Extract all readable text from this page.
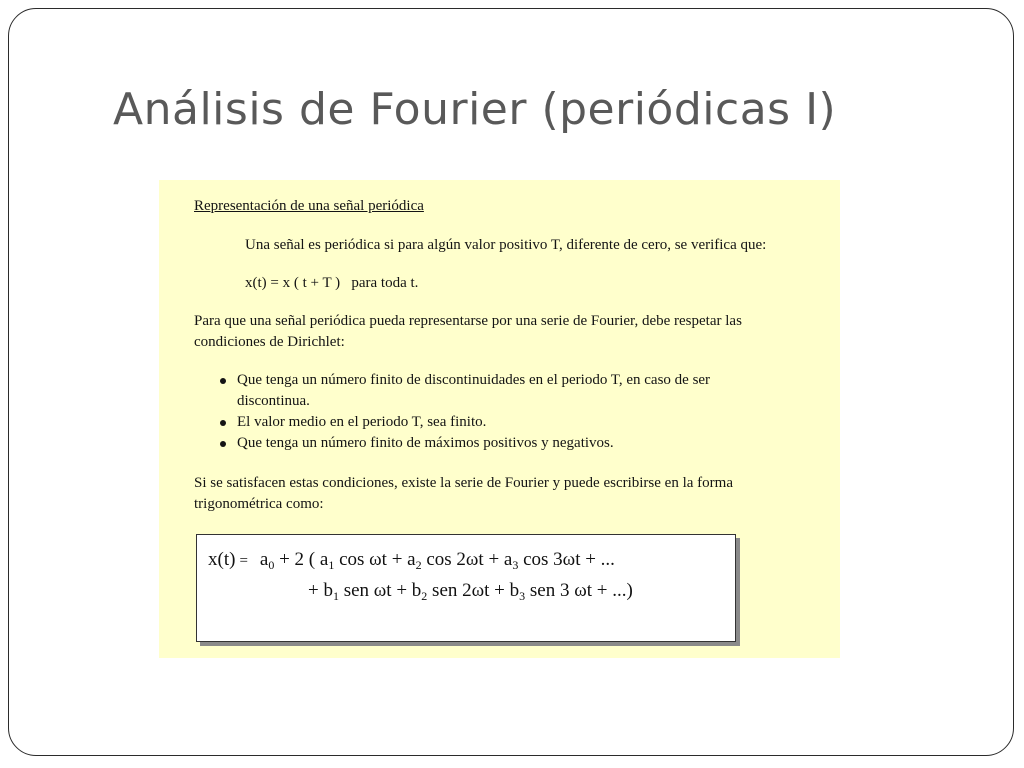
Análisis de Fourier (periódicas I)

Representación de una señal periódica

Una señal es periódica si para algún valor positivo T, diferente de cero, se verifica que:

x(t) = x ( t + T )   para toda t.

Para que una señal periódica pueda representarse por una serie de Fourier, debe respetar las

condiciones de Dirichlet:

Que tenga un número finito de discontinuidades en el periodo T, en caso de ser
discontinua.
El valor medio en el periodo T, sea finito.
Que tenga un número finito de máximos positivos y negativos.

Si se satisfacen estas condiciones, existe la serie de Fourier y puede escribirse en la forma

trigonométrica como:

$x(t) = a_0 + 2$ ( $a_1$ $\cos \omega t + a_2$ $\cos 2\omega t + a_3$ cos 3ωt + ...
+ $b_1$ sen $\omega t + b_2$ sen $2\omega t + b_3$ sen 3 ωt + ...)
